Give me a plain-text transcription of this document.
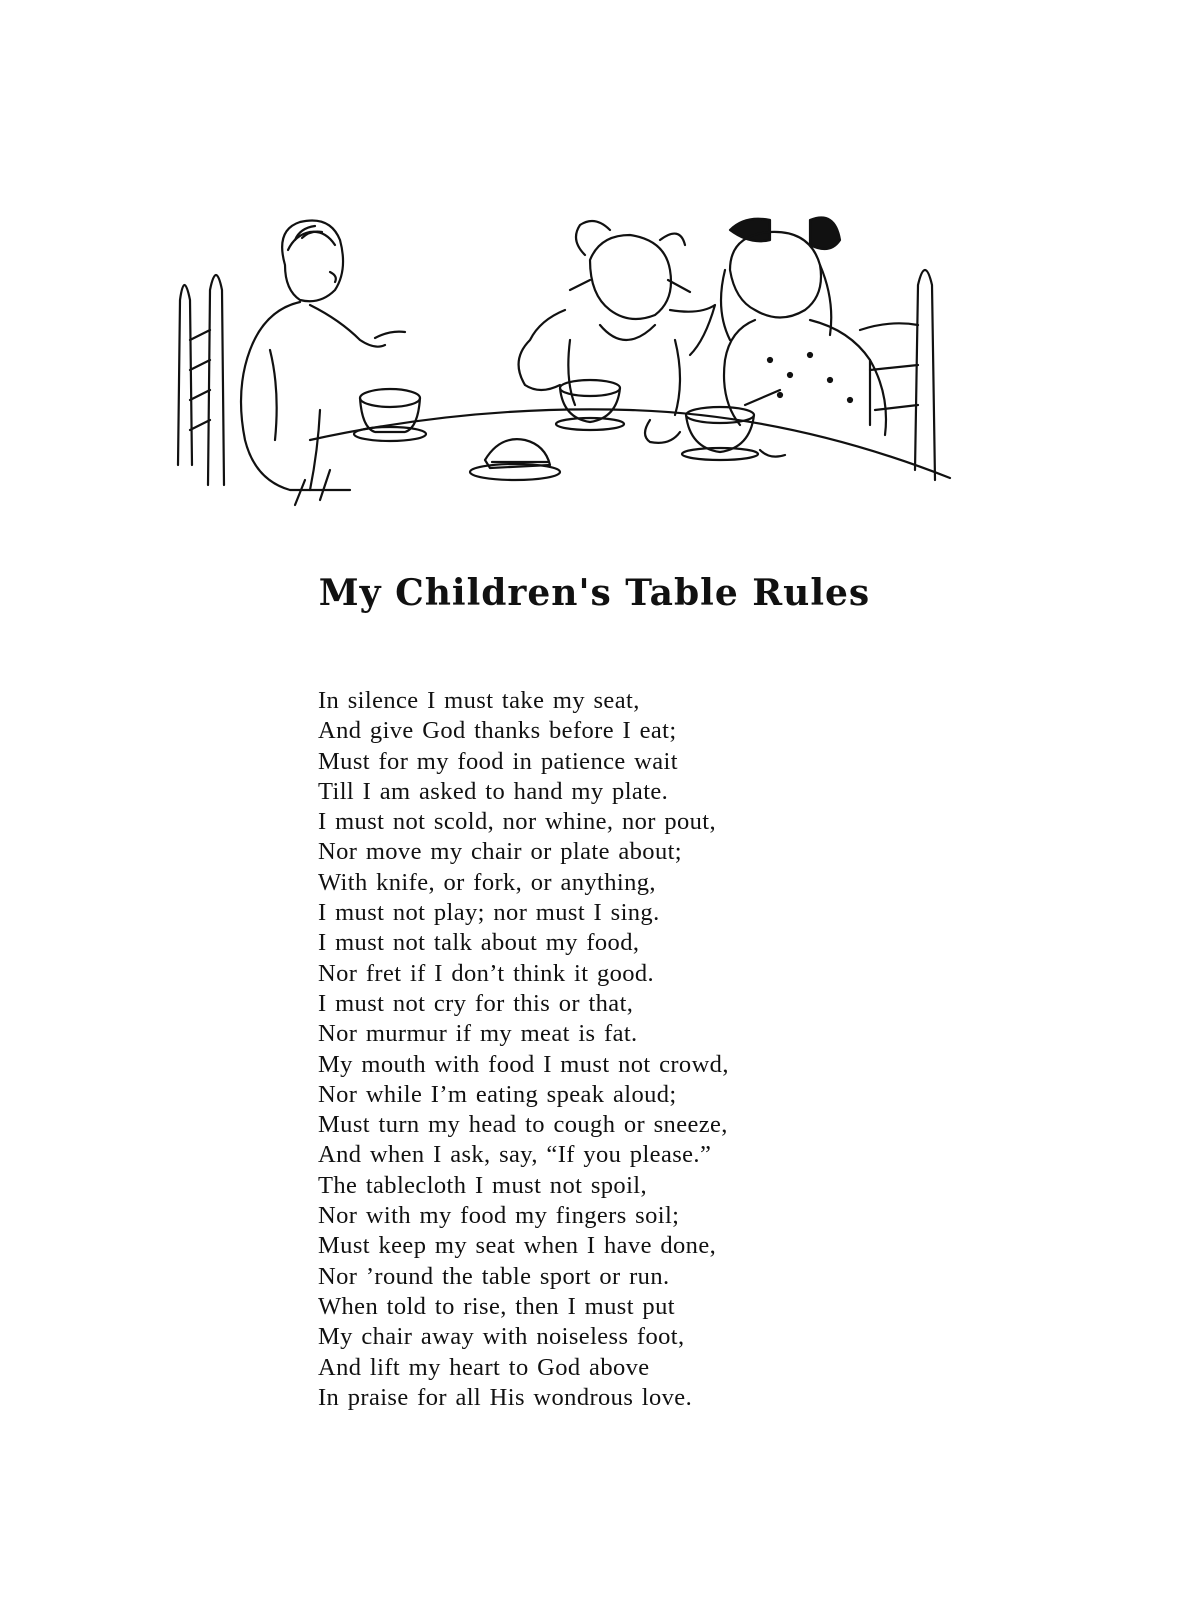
My Children's Table Rules
In silence I must take my seat,
And give God thanks before I eat;
Must for my food in patience wait
Till I am asked to hand my plate.
I must not scold, nor whine, nor pout,
Nor move my chair or plate about;
With knife, or fork, or anything,
I must not play; nor must I sing.
I must not talk about my food,
Nor fret if I don’t think it good.
I must not cry for this or that,
Nor murmur if my meat is fat.
My mouth with food I must not crowd,
Nor while I’m eating speak aloud;
Must turn my head to cough or sneeze,
And when I ask, say, “If you please.”
The tablecloth I must not spoil,
Nor with my food my fingers soil;
Must keep my seat when I have done,
Nor ’round the table sport or run.
When told to rise, then I must put
My chair away with noiseless foot,
And lift my heart to God above
In praise for all His wondrous love.
